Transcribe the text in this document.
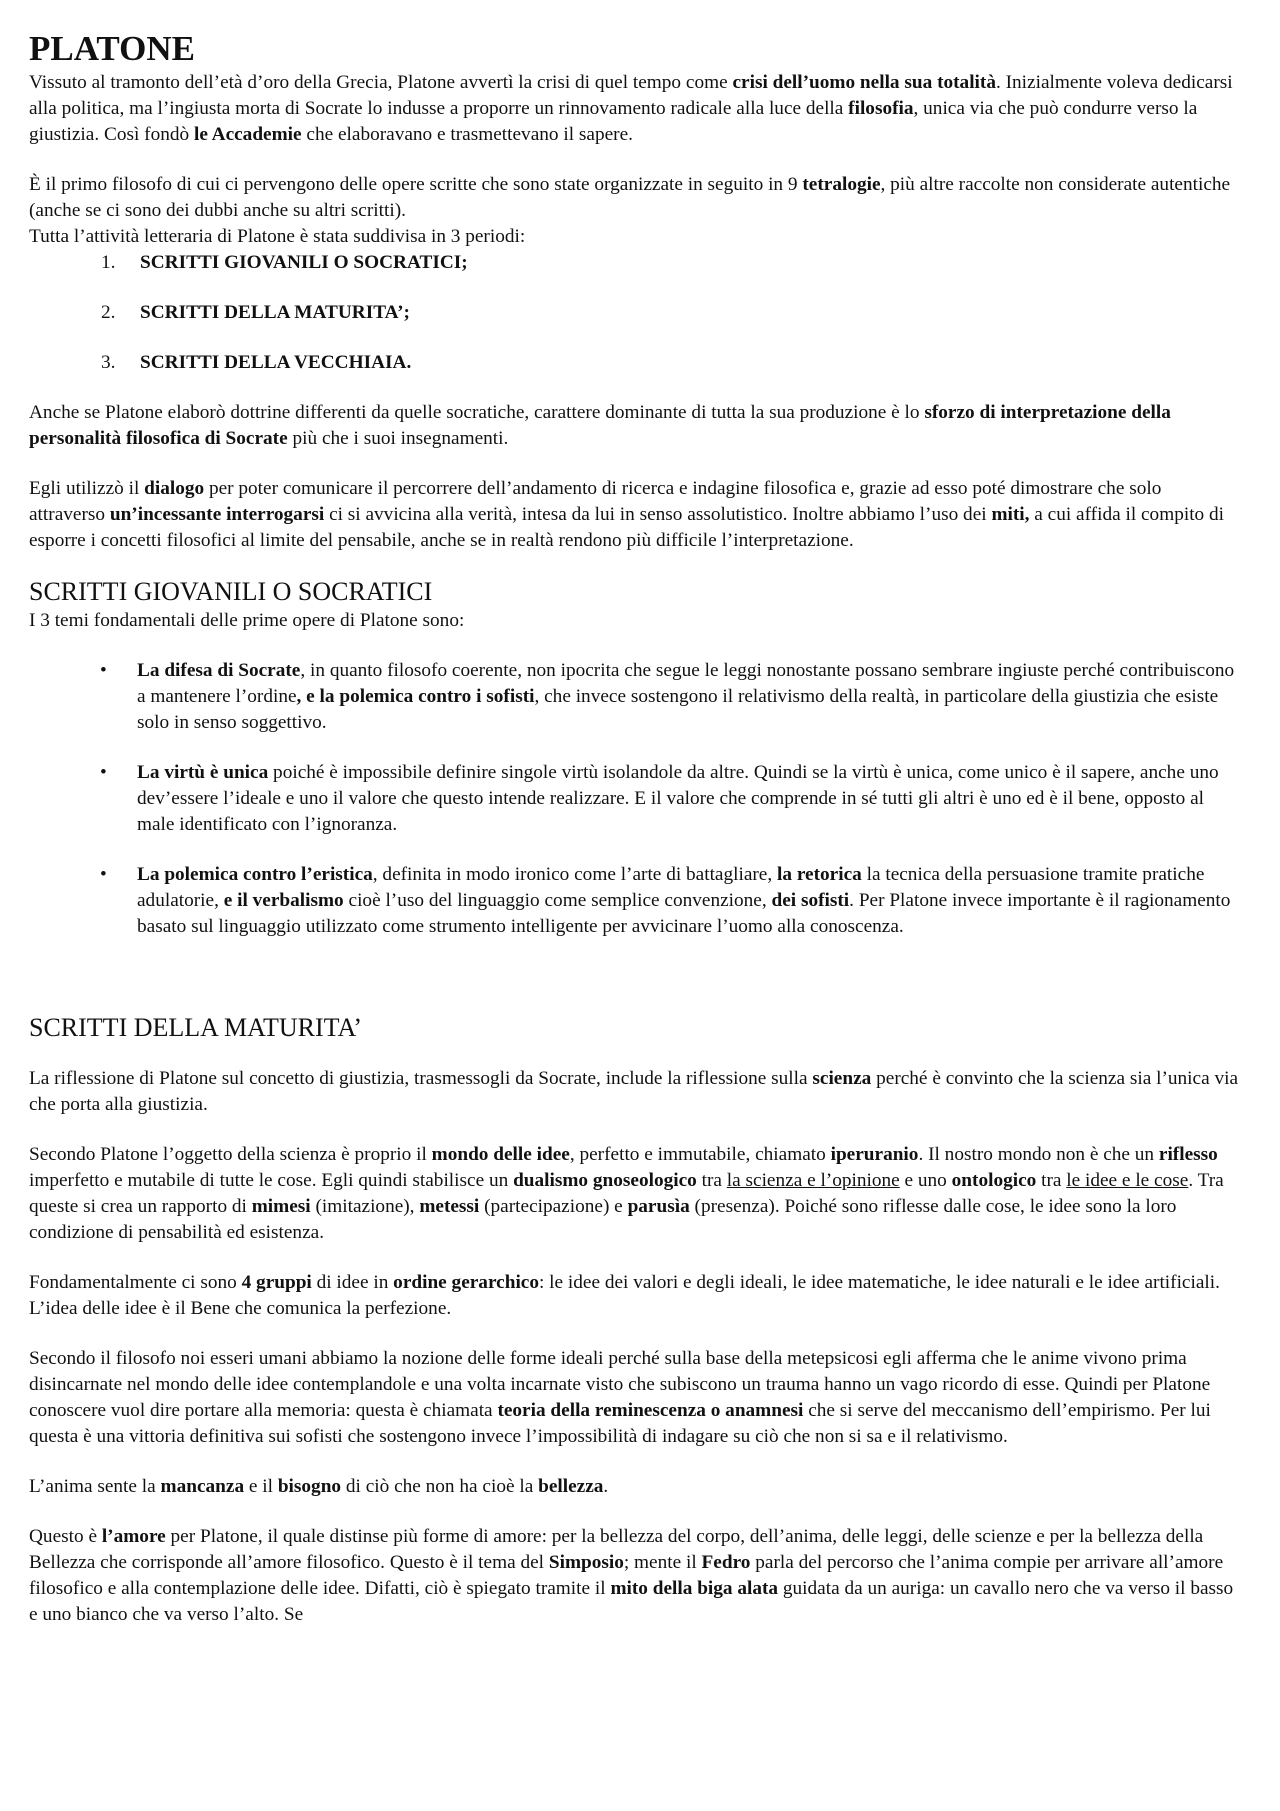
PLATONE

Vissuto al tramonto dell’età d’oro della Grecia, Platone avvertì la crisi di quel tempo come crisi dell’uomo nella sua totalità. Inizialmente voleva dedicarsi alla politica, ma l’ingiusta morta di Socrate lo indusse a proporre un rinnovamento radicale alla luce della filosofia, unica via che può condurre verso la giustizia. Così fondò le Accademie che elaboravano e trasmettevano il sapere.

È il primo filosofo di cui ci pervengono delle opere scritte che sono state organizzate in seguito in 9 tetralogie, più altre raccolte non considerate autentiche (anche se ci sono dei dubbi anche su altri scritti).

Tutta l’attività letteraria di Platone è stata suddivisa in 3 periodi:

1.	SCRITTI GIOVANILI O SOCRATICI;
2.	SCRITTI DELLA MATURITA’;
3.	SCRITTI DELLA VECCHIAIA.

Anche se Platone elaborò dottrine differenti da quelle socratiche, carattere dominante di tutta la sua produzione è lo sforzo di interpretazione della personalità filosofica di Socrate più che i suoi insegnamenti.

Egli utilizzò il dialogo per poter comunicare il percorrere dell’andamento di ricerca e indagine filosofica e, grazie ad esso poté dimostrare che solo attraverso un’incessante interrogarsi ci si avvicina alla verità, intesa da lui in senso assolutistico. Inoltre abbiamo l’uso dei miti, a cui affida il compito di esporre i concetti filosofici al limite del pensabile, anche se in realtà rendono più difficile l’interpretazione.

SCRITTI GIOVANILI O SOCRATICI

I 3 temi fondamentali delle prime opere di Platone sono:

•	La difesa di Socrate, in quanto filosofo coerente, non ipocrita che segue le leggi nonostante possano sembrare ingiuste perché contribuiscono a mantenere l’ordine, e la polemica contro i sofisti, che invece sostengono il relativismo della realtà, in particolare della giustizia che esiste solo in senso soggettivo.
•	La virtù è unica poiché è impossibile definire singole virtù isolandole da altre. Quindi se la virtù è unica, come unico è il sapere, anche uno dev’essere l’ideale e uno il valore che questo intende realizzare. E il valore che comprende in sé tutti gli altri è uno ed è il bene, opposto al male identificato con l’ignoranza.
•	La polemica contro l’eristica, definita in modo ironico come l’arte di battagliare, la retorica la tecnica della persuasione tramite pratiche adulatorie, e il verbalismo cioè l’uso del linguaggio come semplice convenzione, dei sofisti. Per Platone invece importante è il ragionamento basato sul linguaggio utilizzato come strumento intelligente per avvicinare l’uomo alla conoscenza.
SCRITTI DELLA MATURITA’

La riflessione di Platone sul concetto di giustizia, trasmessogli da Socrate, include la riflessione sulla scienza perché è convinto che la scienza sia l’unica via che porta alla giustizia.

Secondo Platone l’oggetto della scienza è proprio il mondo delle idee, perfetto e immutabile, chiamato iperuranio. Il nostro mondo non è che un riflesso imperfetto e mutabile di tutte le cose. Egli quindi stabilisce un dualismo gnoseologico tra la scienza e l’opinione e uno ontologico tra le idee e le cose. Tra queste si crea un rapporto di mimesi (imitazione), metessi (partecipazione) e parusìa (presenza). Poiché sono riflesse dalle cose, le idee sono la loro condizione di pensabilità ed esistenza.

Fondamentalmente ci sono 4 gruppi di idee in ordine gerarchico: le idee dei valori e degli ideali, le idee matematiche, le idee naturali e le idee artificiali. L’idea delle idee è il Bene che comunica la perfezione.

Secondo il filosofo noi esseri umani abbiamo la nozione delle forme ideali perché sulla base della metepsicosi egli afferma che le anime vivono prima disincarnate nel mondo delle idee contemplandole e una volta incarnate visto che subiscono un trauma hanno un vago ricordo di esse. Quindi per Platone conoscere vuol dire portare alla memoria: questa è chiamata teoria della reminescenza o anamnesi che si serve del meccanismo dell’empirismo. Per lui questa è una vittoria definitiva sui sofisti che sostengono invece l’impossibilità di indagare su ciò che non si sa e il relativismo.

L’anima sente la mancanza e il bisogno di ciò che non ha cioè la bellezza.

Questo è l’amore per Platone, il quale distinse più forme di amore: per la bellezza del corpo, dell’anima, delle leggi, delle scienze e per la bellezza della Bellezza che corrisponde all’amore filosofico. Questo è il tema del Simposio; mente il Fedro parla del percorso che l’anima compie per arrivare all’amore filosofico e alla contemplazione delle idee. Difatti, ciò è spiegato tramite il mito della biga alata guidata da un auriga: un cavallo nero che va verso il basso e uno bianco che va verso l’alto. Se
